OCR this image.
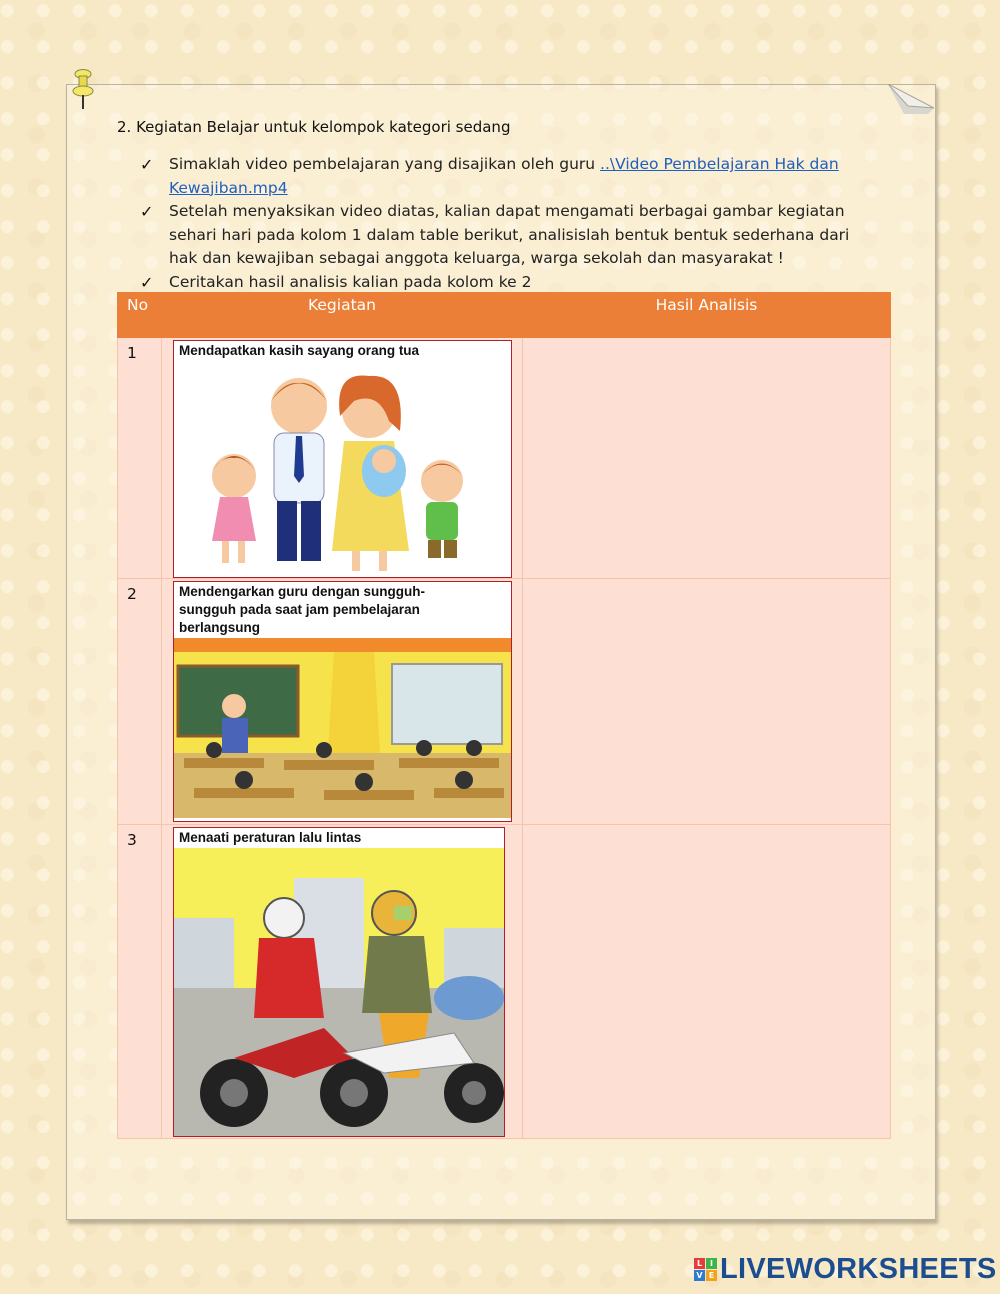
2. Kegiatan Belajar untuk kelompok kategori sedang
✓ Simaklah video pembelajaran yang disajikan oleh guru ..\Video Pembelajaran Hak dan Kewajiban.mp4
✓ Setelah menyaksikan video diatas, kalian dapat mengamati berbagai gambar kegiatan sehari hari pada kolom 1 dalam table berikut, analisislah bentuk bentuk sederhana dari hak dan kewajiban sebagai anggota keluarga, warga sekolah dan masyarakat !
✓ Ceritakan hasil analisis kalian pada kolom ke 2
No	Kegiatan	Hasil Analisis
1	Mendapatkan kasih sayang orang tua	

2	Mendengarkan guru dengan sungguh-
sungguh pada saat jam pembelajaran
berlangsung	

3	Menaati peraturan lalu lintas	

L I
V E LIVEWORKSHEETS
